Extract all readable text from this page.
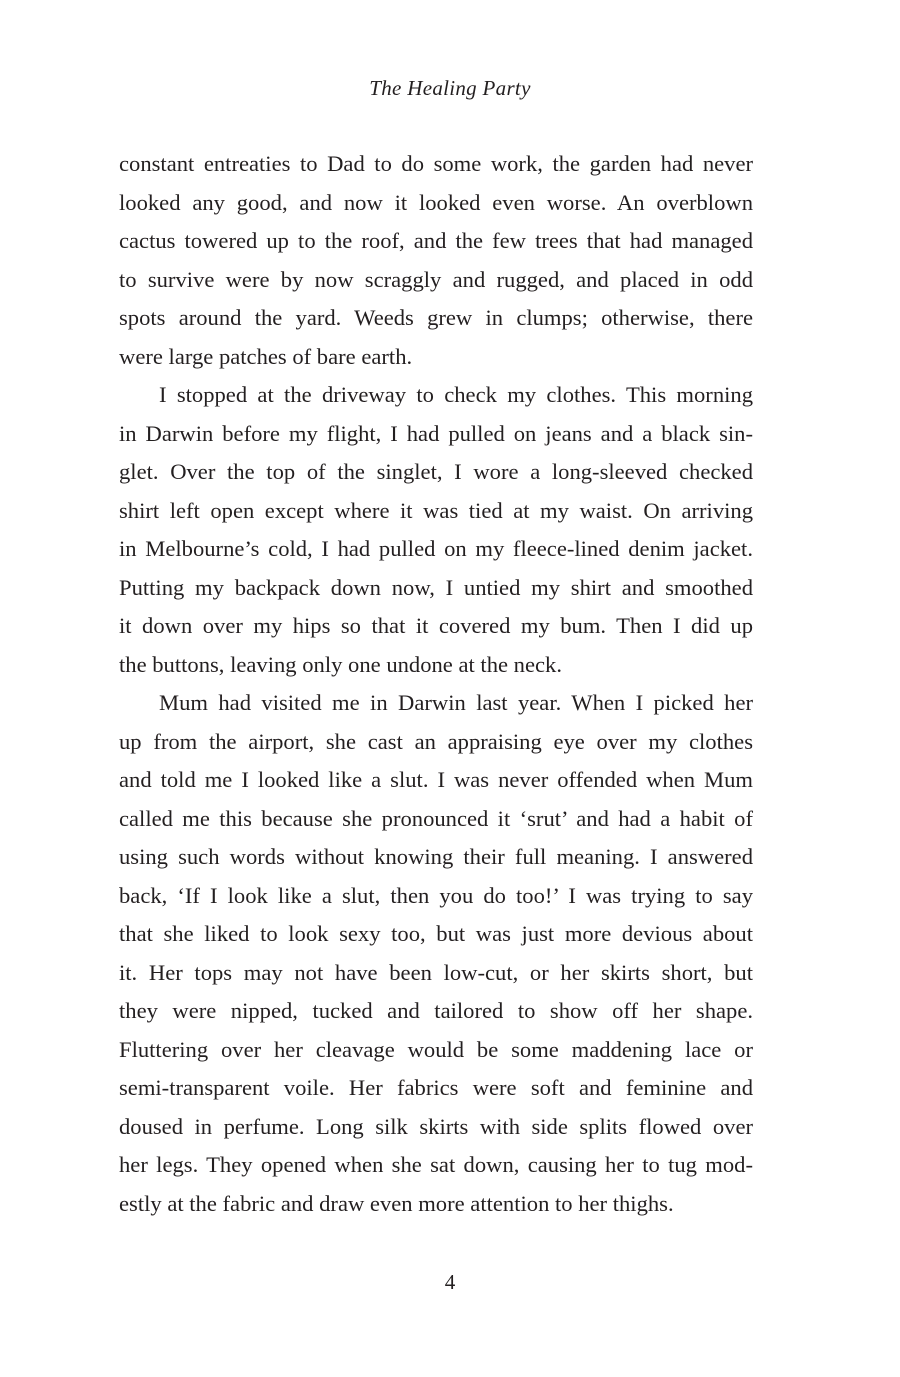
The Healing Party
constant entreaties to Dad to do some work, the garden had never
looked any good, and now it looked even worse. An overblown
cactus towered up to the roof, and the few trees that had managed
to survive were by now scraggly and rugged, and placed in odd
spots around the yard. Weeds grew in clumps; otherwise, there
were large patches of bare earth.
I stopped at the driveway to check my clothes. This morning
in Darwin before my flight, I had pulled on jeans and a black sin-
glet. Over the top of the singlet, I wore a long-sleeved checked
shirt left open except where it was tied at my waist. On arriving
in Melbourne’s cold, I had pulled on my fleece-lined denim jacket.
Putting my backpack down now, I untied my shirt and smoothed
it down over my hips so that it covered my bum. Then I did up
the buttons, leaving only one undone at the neck.
Mum had visited me in Darwin last year. When I picked her
up from the airport, she cast an appraising eye over my clothes
and told me I looked like a slut. I was never offended when Mum
called me this because she pronounced it ‘srut’ and had a habit of
using such words without knowing their full meaning. I answered
back, ‘If I look like a slut, then you do too!’ I was trying to say
that she liked to look sexy too, but was just more devious about
it. Her tops may not have been low-cut, or her skirts short, but
they were nipped, tucked and tailored to show off her shape.
Fluttering over her cleavage would be some maddening lace or
semi-transparent voile. Her fabrics were soft and feminine and
doused in perfume. Long silk skirts with side splits flowed over
her legs. They opened when she sat down, causing her to tug mod-
estly at the fabric and draw even more attention to her thighs.
4
